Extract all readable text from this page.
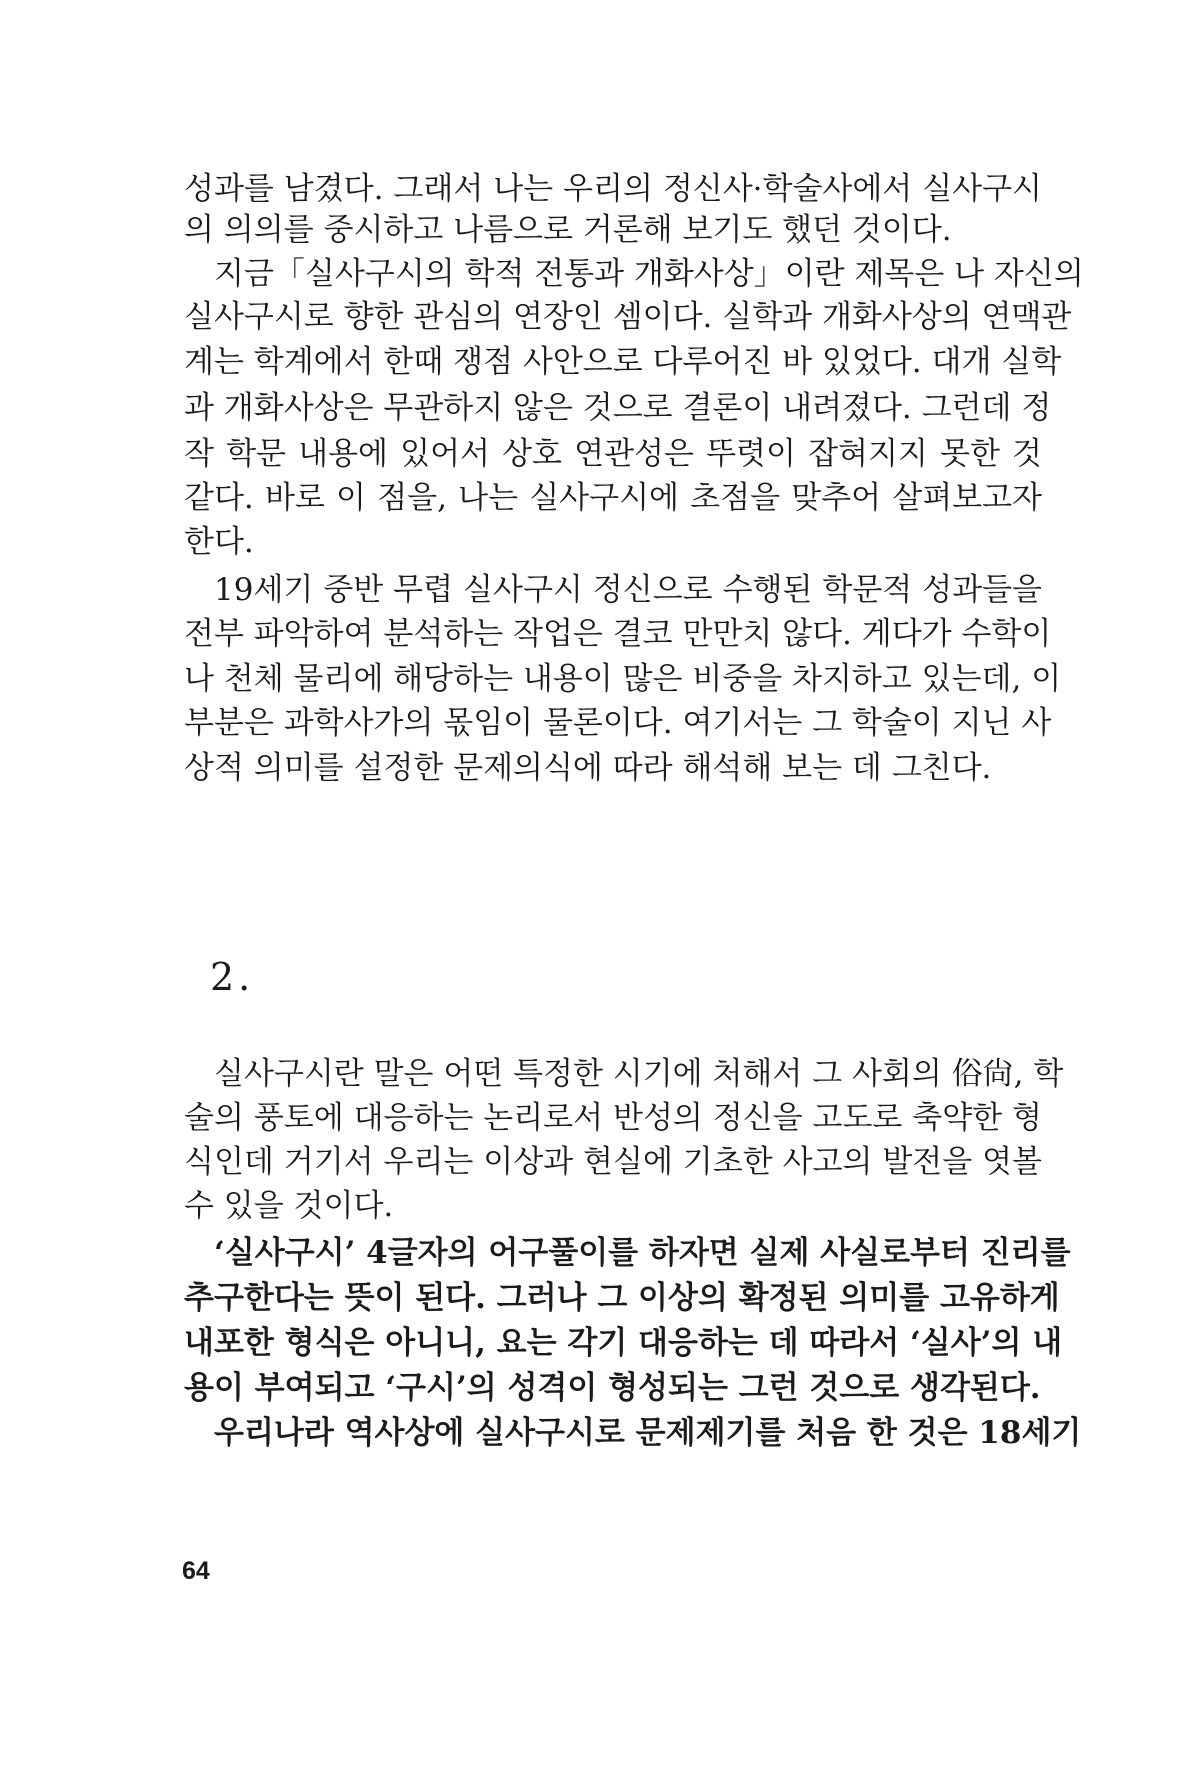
성과를 남겼다. 그래서 나는 우리의 정신사·학술사에서 실사구시
의 의의를 중시하고 나름으로 거론해 보기도 했던 것이다.
지금「실사구시의 학적 전통과 개화사상」이란 제목은 나 자신의
실사구시로 향한 관심의 연장인 셈이다. 실학과 개화사상의 연맥관
계는 학계에서 한때 쟁점 사안으로 다루어진 바 있었다. 대개 실학
과 개화사상은 무관하지 않은 것으로 결론이 내려졌다. 그런데 정
작 학문 내용에 있어서 상호 연관성은 뚜렷이 잡혀지지 못한 것
같다. 바로 이 점을, 나는 실사구시에 초점을 맞추어 살펴보고자
한다.
19세기 중반 무렵 실사구시 정신으로 수행된 학문적 성과들을
전부 파악하여 분석하는 작업은 결코 만만치 않다. 게다가 수학이
나 천체 물리에 해당하는 내용이 많은 비중을 차지하고 있는데, 이
부분은 과학사가의 몫임이 물론이다. 여기서는 그 학술이 지닌 사
상적 의미를 설정한 문제의식에 따라 해석해 보는 데 그친다.
2.
실사구시란 말은 어떤 특정한 시기에 처해서 그 사회의 俗尙, 학
술의 풍토에 대응하는 논리로서 반성의 정신을 고도로 축약한 형
식인데 거기서 우리는 이상과 현실에 기초한 사고의 발전을 엿볼
수 있을 것이다.
‘실사구시’ 4글자의 어구풀이를 하자면 실제 사실로부터 진리를
추구한다는 뜻이 된다. 그러나 그 이상의 확정된 의미를 고유하게
내포한 형식은 아니니, 요는 각기 대응하는 데 따라서 ‘실사’의 내
용이 부여되고 ‘구시’의 성격이 형성되는 그런 것으로 생각된다.
우리나라 역사상에 실사구시로 문제제기를 처음 한 것은 18세기
64
